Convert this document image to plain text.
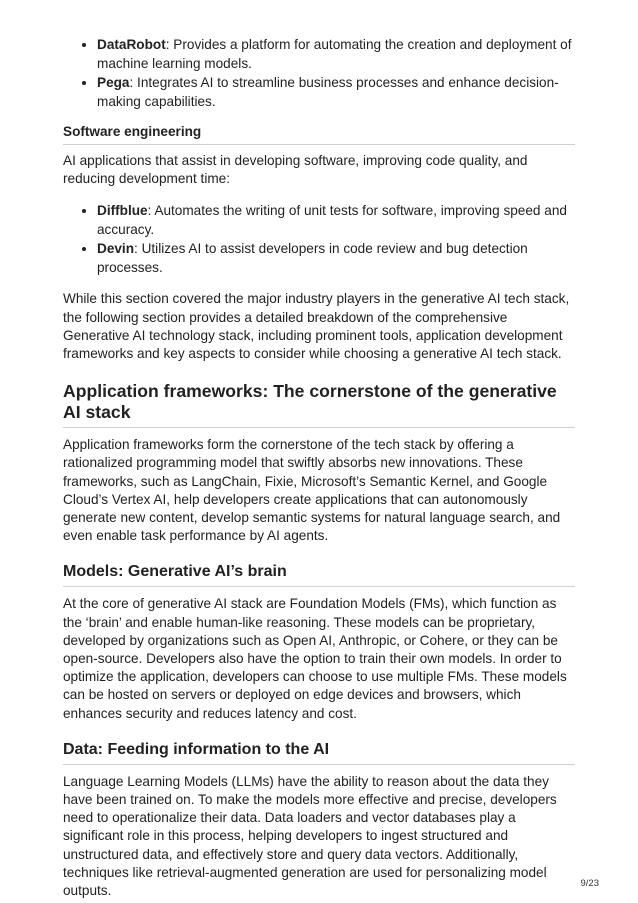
• DataRobot: Provides a platform for automating the creation and deployment of machine learning models.
• Pega: Integrates AI to streamline business processes and enhance decision-making capabilities.
Software engineering

AI applications that assist in developing software, improving code quality, and reducing development time:

• Diffblue: Automates the writing of unit tests for software, improving speed and accuracy.
• Devin: Utilizes AI to assist developers in code review and bug detection processes.

While this section covered the major industry players in the generative AI tech stack, the following section provides a detailed breakdown of the comprehensive Generative AI technology stack, including prominent tools, application development frameworks and key aspects to consider while choosing a generative AI tech stack.

Application frameworks: The cornerstone of the generative AI stack

Application frameworks form the cornerstone of the tech stack by offering a rationalized programming model that swiftly absorbs new innovations. These frameworks, such as LangChain, Fixie, Microsoft’s Semantic Kernel, and Google Cloud’s Vertex AI, help developers create applications that can autonomously generate new content, develop semantic systems for natural language search, and even enable task performance by AI agents.

Models: Generative AI’s brain

At the core of generative AI stack are Foundation Models (FMs), which function as the ‘brain’ and enable human-like reasoning. These models can be proprietary, developed by organizations such as Open AI, Anthropic, or Cohere, or they can be open-source. Developers also have the option to train their own models. In order to optimize the application, developers can choose to use multiple FMs. These models can be hosted on servers or deployed on edge devices and browsers, which enhances security and reduces latency and cost.

Data: Feeding information to the AI

Language Learning Models (LLMs) have the ability to reason about the data they have been trained on. To make the models more effective and precise, developers need to operationalize their data. Data loaders and vector databases play a significant role in this process, helping developers to ingest structured and unstructured data, and effectively store and query data vectors. Additionally, techniques like retrieval-augmented generation are used for personalizing model outputs.	9/23
